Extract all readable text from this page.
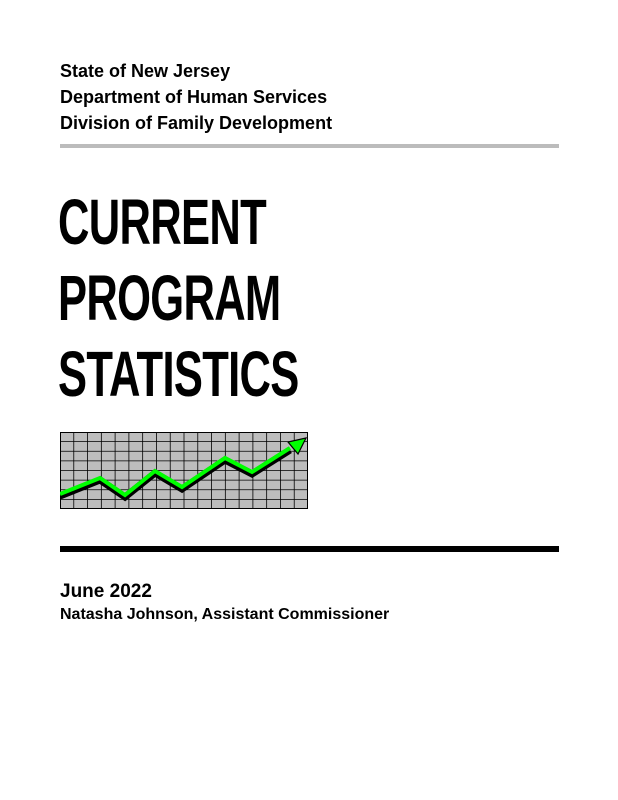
State of New Jersey
Department of Human Services
Division of Family Development
CURRENT
PROGRAM
STATISTICS
June 2022
Natasha Johnson, Assistant Commissioner
